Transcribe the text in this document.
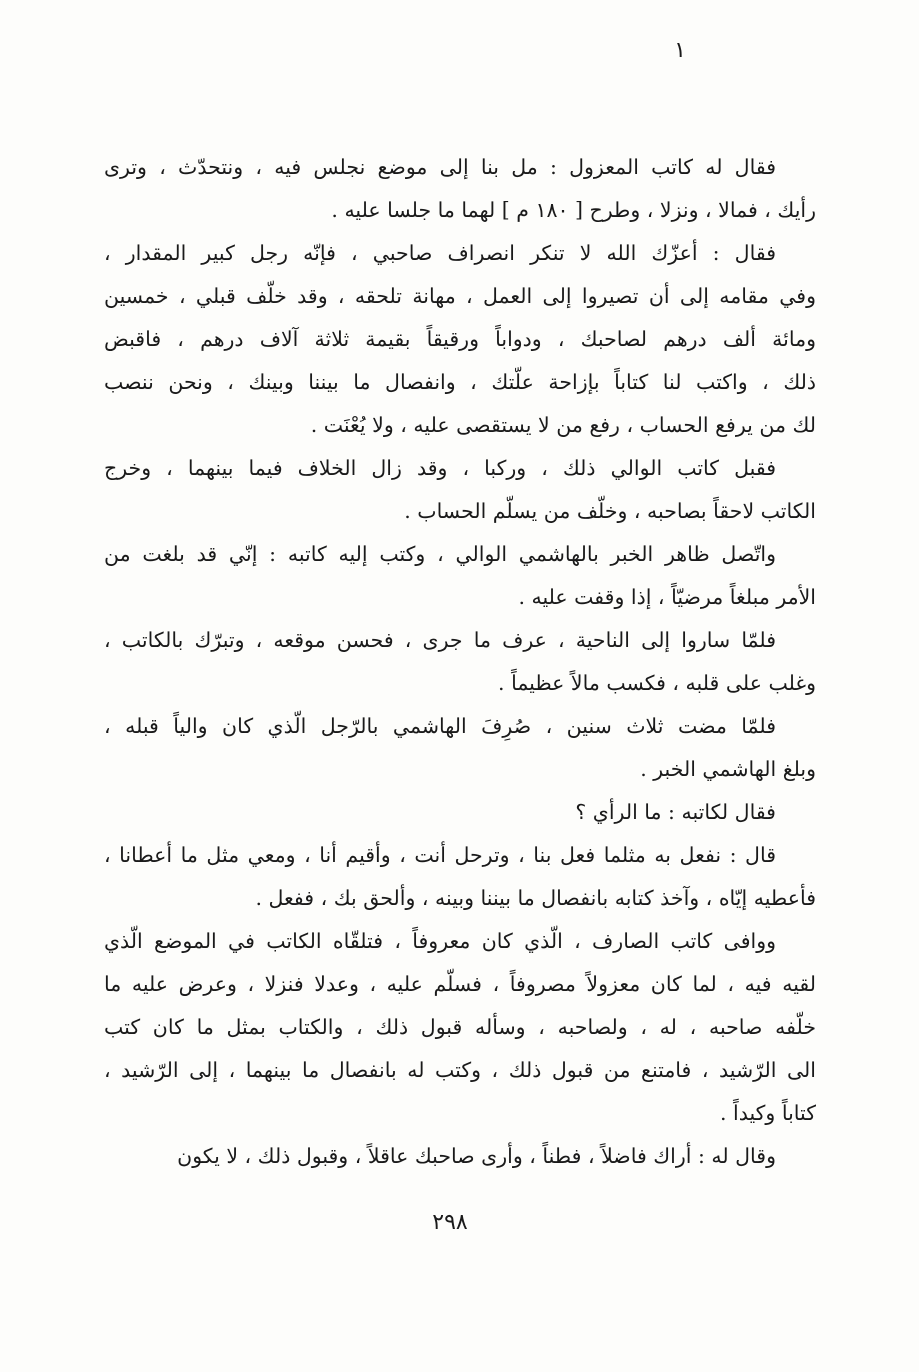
١
فقال له كاتب المعزول : مل بنا إلى موضع نجلس فيه ، ونتحدّث ، وترى
رأيك ، فمالا ، ونزلا ، وطرح [ ١٨٠ م ] لهما ما جلسا عليه .
فقال : أعزّك الله لا تنكر انصراف صاحبي ، فإنّه رجل كبير المقدار ،
وفي مقامه إلى أن تصيروا إلى العمل ، مهانة تلحقه ، وقد خلّف قبلي ، خمسين
ومائة ألف درهم لصاحبك ، ودواباً ورقيقاً بقيمة ثلاثة آلاف درهم ، فاقبض
ذلك ، واكتب لنا كتاباً بإزاحة علّتك ، وانفصال ما بيننا وبينك ، ونحن ننصب
لك من يرفع الحساب ، رفع من لا يستقصى عليه ، ولا يُعْنَت .
فقبل كاتب الوالي ذلك ، وركبا ، وقد زال الخلاف فيما بينهما ، وخرج
الكاتب لاحقاً بصاحبه ، وخلّف من يسلّم الحساب .
واتّصل ظاهر الخبر بالهاشمي الوالي ، وكتب إليه كاتبه : إنّي قد بلغت من
الأمر مبلغاً مرضيّاً ، إذا وقفت عليه .
فلمّا ساروا إلى الناحية ، عرف ما جرى ، فحسن موقعه ، وتبرّك بالكاتب ،
وغلب على قلبه ، فكسب مالاً عظيماً .
فلمّا مضت ثلاث سنين ، صُرِفَ الهاشمي بالرّجل الّذي كان والياً قبله ،
وبلغ الهاشمي الخبر .
فقال لكاتبه : ما الرأي ؟
قال : نفعل به مثلما فعل بنا ، وترحل أنت ، وأقيم أنا ، ومعي مثل ما أعطانا ،
فأعطيه إيّاه ، وآخذ كتابه بانفصال ما بيننا وبينه ، وألحق بك ، ففعل .
ووافى كاتب الصارف ، الّذي كان معروفاً ، فتلقّاه الكاتب في الموضع الّذي
لقيه فيه ، لما كان معزولاً مصروفاً ، فسلّم عليه ، وعدلا فنزلا ، وعرض عليه ما
خلّفه صاحبه ، له ، ولصاحبه ، وسأله قبول ذلك ، والكتاب بمثل ما كان كتب
الى الرّشيد ، فامتنع من قبول ذلك ، وكتب له بانفصال ما بينهما ، إلى الرّشيد ،
كتاباً وكيداً .
وقال له : أراك فاضلاً ، فطناً ، وأرى صاحبك عاقلاً ، وقبول ذلك ، لا يكون
٢٩٨
